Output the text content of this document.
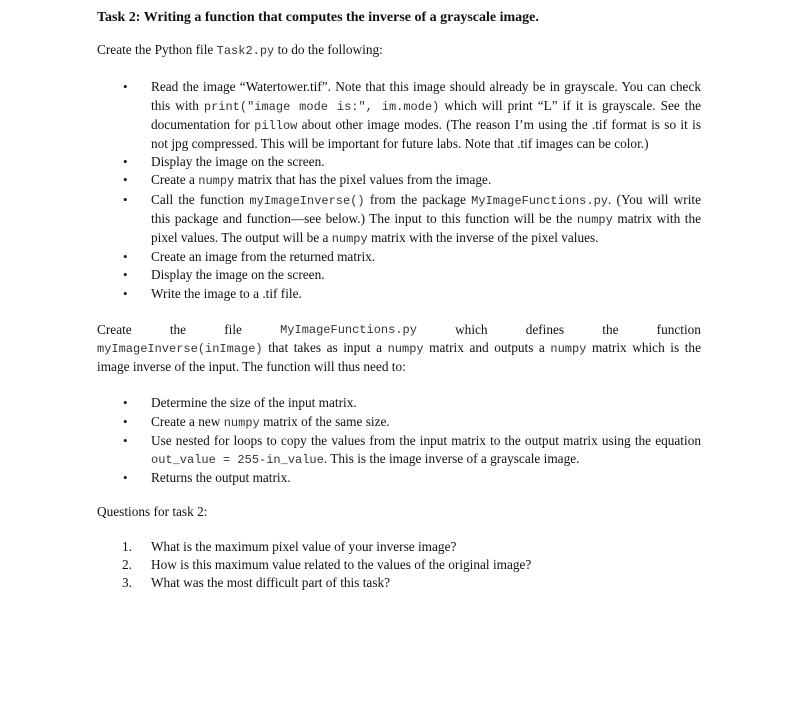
Task 2: Writing a function that computes the inverse of a grayscale image.

Create the Python file Task2.py to do the following:

• Read the image “Watertower.tif”. Note that this image should already be in grayscale. You can check this with print("image mode is:", im.mode) which will print “L” if it is grayscale. See the documentation for pillow about other image modes. (The reason I’m using the .tif format is so it is not jpg compressed. This will be important for future labs. Note that .tif images can be color.)
• Display the image on the screen.
• Create a numpy matrix that has the pixel values from the image.
• Call the function myImageInverse() from the package MyImageFunctions.py. (You will write this package and function—see below.) The input to this function will be the numpy matrix with the pixel values. The output will be a numpy matrix with the inverse of the pixel values.
• Create an image from the returned matrix.
• Display the image on the screen.
• Write the image to a .tif file.
Create	the	file	MyImageFunctions.py	which	defines	the	function

myImageInverse(inImage) that takes as input a numpy matrix and outputs a numpy matrix which is the image inverse of the input. The function will thus need to:

• Determine the size of the input matrix.
• Create a new numpy matrix of the same size.
• Use nested for loops to copy the values from the input matrix to the output matrix using the equation out_value = 255-in_value. This is the image inverse of a grayscale image.
• Returns the output matrix.

Questions for task 2:

1. What is the maximum pixel value of your inverse image?
2. How is this maximum value related to the values of the original image?
3. What was the most difficult part of this task?
